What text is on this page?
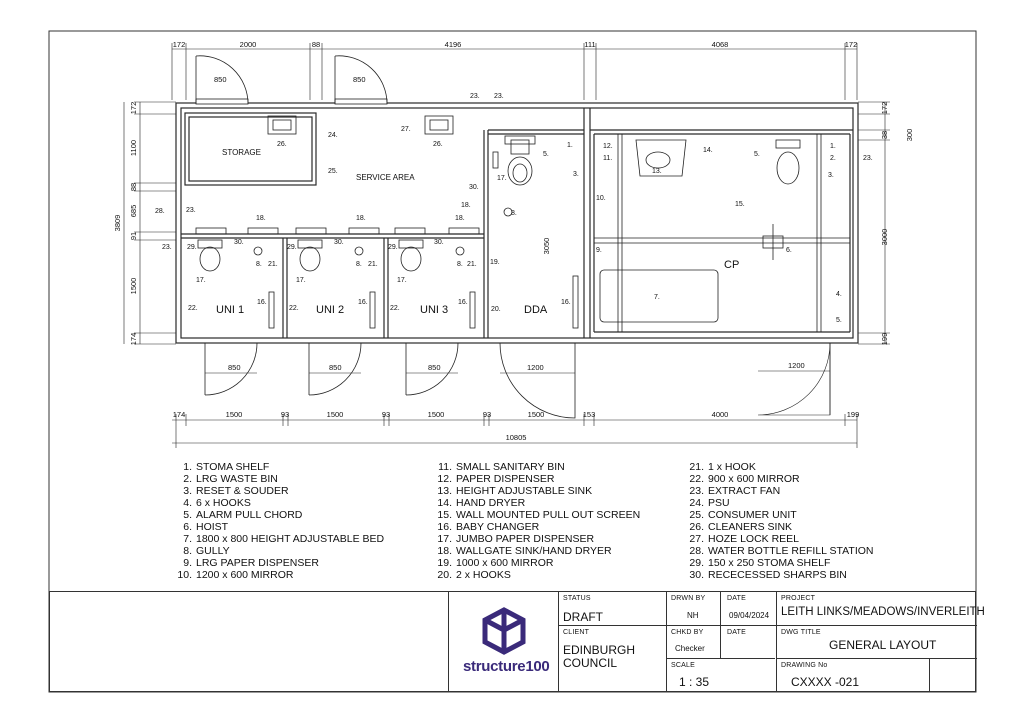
172	2000	88	4196	111	4068	172
172
1100
88
685
91
1500
174
3809
172
38
3000
199
300
850	850
850	850	850	1200	1200
174	1500	93	1500	93	1500	93	1500	153	4000	199
10805
STORAGE
SERVICE AREA
UNI 1	UNI 2	UNI 3	DDA
CP
3050
26.	26.
24.
25.
27.
23. 23.
23.
23.
28.
18.	18.	18.
18.
8.	8.	8.
21.	21.	21.
8.
17.	17.	17.
17.
22.	22.	22.
16.	16.	16.	16.
19.
20.
30.
30.	30.	30.
29.	29.	29.
3.
10.
9.
5.
1.	12.
11.
13.
14.
15.
6.
7.
5.
1.
2.	23.
3.
4.
5.
1. STOMA SHELF
2. LRG WASTE BIN
3. RESET & SOUDER
4. 6 x HOOKS
5. ALARM PULL CHORD
6. HOIST
7. 1800 x 800 HEIGHT ADJUSTABLE BED
8. GULLY
9. LRG PAPER DISPENSER
10. 1200 x 600 MIRROR
11. SMALL SANITARY BIN
12. PAPER DISPENSER
13. HEIGHT ADJUSTABLE SINK
14. HAND DRYER
15. WALL MOUNTED PULL OUT SCREEN
16. BABY CHANGER
17. JUMBO PAPER DISPENSER
18. WALLGATE SINK/HAND DRYER
19. 1000 x 600 MIRROR
20. 2 x HOOKS
21. 1 x HOOK
22. 900 x 600 MIRROR
23. EXTRACT FAN
24. PSU
25. CONSUMER UNIT
26. CLEANERS SINK
27. HOZE LOCK REEL
28. WATER BOTTLE REFILL STATION
29. 150 x 250 STOMA SHELF
30. RECECESSED SHARPS BIN
structure100
STATUS
DRAFT
CLIENT
EDINBURGH
COUNCIL
DRWN BY
NH
CHKD BY
Checker
SCALE
1 : 35
DATE
09/04/2024
DATE
PROJECT
LEITH LINKS/MEADOWS/INVERLEITH
DWG TITLE
GENERAL LAYOUT
DRAWING No
CXXXX -021
